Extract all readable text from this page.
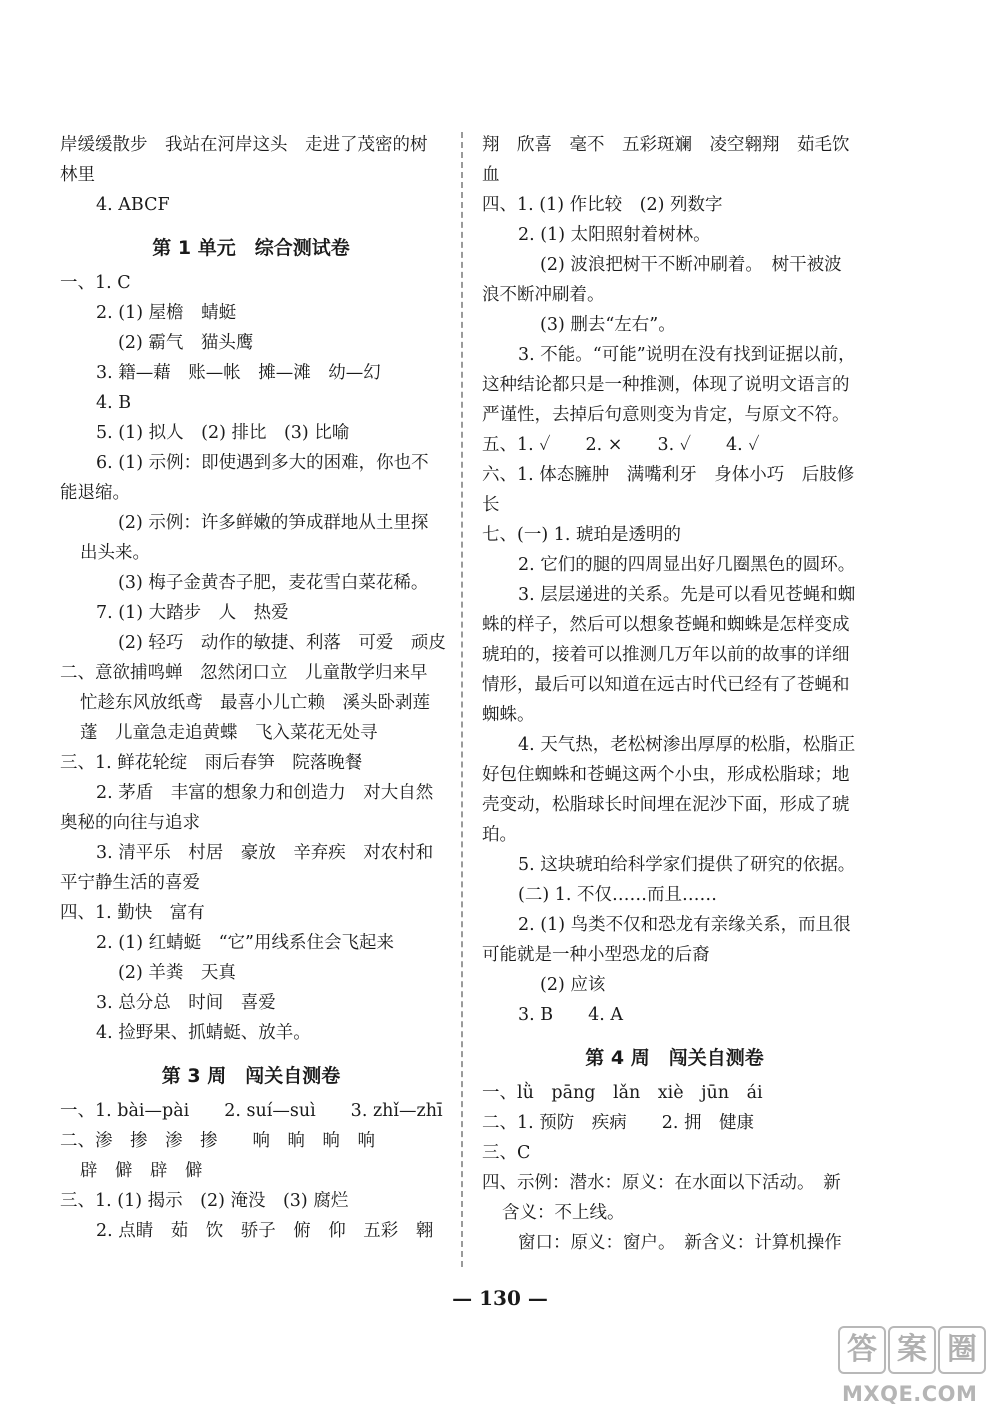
岸缓缓散步　我站在河岸这头　走进了茂密的树
林里
4. ABCF
第 1 单元　综合测试卷
一、1. C
2. (1) 屋檐　蜻蜓
(2) 霸气　猫头鹰
3. 籍—藉　账—帐　摊—滩　幼—幻
4. B
5. (1) 拟人　(2) 排比　(3) 比喻
6. (1) 示例：即使遇到多大的困难，你也不
能退缩。
(2) 示例：许多鲜嫩的笋成群地从土里探
出头来。
(3) 梅子金黄杏子肥，麦花雪白菜花稀。
7. (1) 大踏步　人　热爱
(2) 轻巧　动作的敏捷、利落　可爱　顽皮
二、意欲捕鸣蝉　忽然闭口立　儿童散学归来早
忙趁东风放纸鸢　最喜小儿亡赖　溪头卧剥莲
蓬　儿童急走追黄蝶　飞入菜花无处寻
三、1. 鲜花轮绽　雨后春笋　院落晚餐
2. 茅盾　丰富的想象力和创造力　对大自然
奥秘的向往与追求
3. 清平乐　村居　豪放　辛弃疾　对农村和
平宁静生活的喜爱
四、1. 勤快　富有
2. (1) 红蜻蜓　“它”用线系住会飞起来
(2) 羊粪　天真
3. 总分总　时间　喜爱
4. 捡野果、抓蜻蜓、放羊。
第 3 周　闯关自测卷
一、1. bài—pài　　2. suí—suì　　3. zhǐ—zhī
二、渗　掺　渗　掺　　响　晌　晌　响
辟　僻　辟　僻
三、1. (1) 揭示　(2) 淹没　(3) 腐烂
2. 点睛　茹　饮　骄子　俯　仰　五彩　翱
翔　欣喜　毫不　五彩斑斓　凌空翱翔　茹毛饮
血
四、1. (1) 作比较　(2) 列数字
2. (1) 太阳照射着树林。
(2) 波浪把树干不断冲刷着。　树干被波
浪不断冲刷着。
(3) 删去“左右”。
3. 不能。“可能”说明在没有找到证据以前，
这种结论都只是一种推测，体现了说明文语言的
严谨性，去掉后句意则变为肯定，与原文不符。
五、1. ✓　　2. ×　　3. ✓　　4. ✓
六、1. 体态臃肿　满嘴利牙　身体小巧　后肢修
长
七、(一) 1. 琥珀是透明的
2. 它们的腿的四周显出好几圈黑色的圆环。
3. 层层递进的关系。先是可以看见苍蝇和蜘
蛛的样子，然后可以想象苍蝇和蜘蛛是怎样变成
琥珀的，接着可以推测几万年以前的故事的详细
情形，最后可以知道在远古时代已经有了苍蝇和
蜘蛛。
4. 天气热，老松树渗出厚厚的松脂，松脂正
好包住蜘蛛和苍蝇这两个小虫，形成松脂球；地
壳变动，松脂球长时间埋在泥沙下面，形成了琥
珀。
5. 这块琥珀给科学家们提供了研究的依据。
(二) 1. 不仅……而且……
2. (1) 鸟类不仅和恐龙有亲缘关系，而且很
可能就是一种小型恐龙的后裔
(2) 应该
3. B　　4. A
第 4 周　闯关自测卷
一、lǜ　pāng　lǎn　xiè　jūn　ái
二、1. 预防　疾病　　2. 拥　健康
三、C
四、示例：潜水：原义：在水面以下活动。　新
含义：不上线。
窗口：原义：窗户。　新含义：计算机操作
— 130 —
答 案 圈
MXQE.COM
